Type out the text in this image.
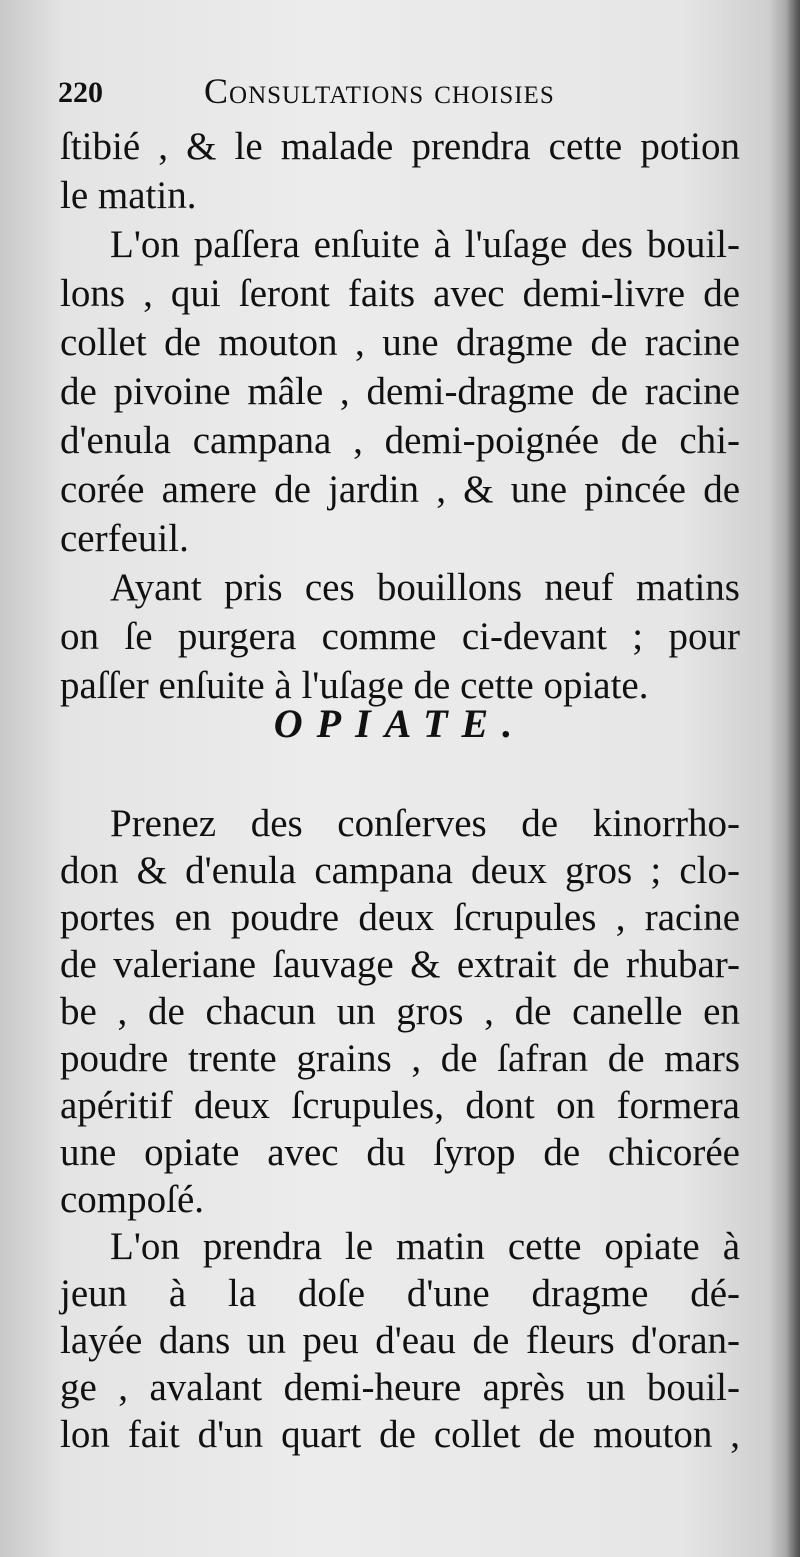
220	Consultations choisies
ſtibié , & le malade prendra cette potion
le matin.
L'on paſſera enſuite à l'uſage des bouil-
lons , qui ſeront faits avec demi-livre de
collet de mouton , une dragme de racine
de pivoine mâle , demi-dragme de racine
d'enula campana , demi-poignée de chi-
corée amere de jardin , & une pincée de
cerfeuil.
Ayant pris ces bouillons neuf matins
on ſe purgera comme ci-devant ; pour
paſſer enſuite à l'uſage de cette opiate.
OPIATE.
Prenez des conſerves de kinorrho-
don & d'enula campana deux gros ; clo-
portes en poudre deux ſcrupules , racine
de valeriane ſauvage & extrait de rhubar-
be , de chacun un gros , de canelle en
poudre trente grains , de ſafran de mars
apéritif deux ſcrupules, dont on formera
une opiate avec du ſyrop de chicorée
compoſé.
L'on prendra le matin cette opiate à
jeun à la doſe d'une dragme dé-
layée dans un peu d'eau de fleurs d'oran-
ge , avalant demi-heure après un bouil-
lon fait d'un quart de collet de mouton ,
